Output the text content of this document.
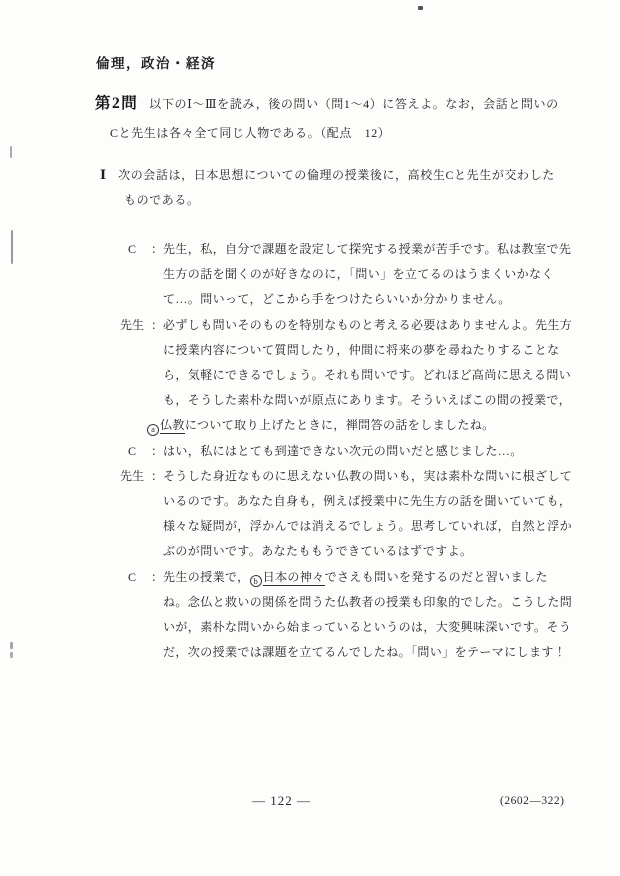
倫理，政治・経済
第2問 以下のⅠ～Ⅲを読み，後の問い（問1～4）に答えよ。なお，会話と問いの
Cと先生は各々全て同じ人物である。（配点　12）
Ⅰ 次の会話は，日本思想についての倫理の授業後に，高校生Cと先生が交わした
ものである。
C	： 先生，私，自分で課題を設定して探究する授業が苦手です。私は教室で先
生方の話を聞くのが好きなのに，「問い」を立てるのはうまくいかなく
て…。問いって，どこから手をつけたらいいか分かりません。
先生 ： 必ずしも問いそのものを特別なものと考える必要はありませんよ。先生方
に授業内容について質問したり，仲間に将来の夢を尋ねたりすることな
ら，気軽にできるでしょう。それも問いです。どれほど高尚に思える問い
も，そうした素朴な問いが原点にあります。そういえばこの間の授業で，
a 仏教について取り上げたときに，禅問答の話をしましたね。
C	： はい，私にはとても到達できない次元の問いだと感じました…。
先生 ： そうした身近なものに思えない仏教の問いも，実は素朴な問いに根ざして
いるのです。あなた自身も，例えば授業中に先生方の話を聞いていても，
様々な疑問が，浮かんでは消えるでしょう。思考していれば，自然と浮か
ぶのが問いです。あなたももうできているはずですよ。
C	： 先生の授業で， b 日本の神々でさえも問いを発するのだと習いました
ね。念仏と救いの関係を問うた仏教者の授業も印象的でした。こうした問
いが，素朴な問いから始まっているというのは，大変興味深いです。そう
だ，次の授業では課題を立てるんでしたね。「問い」をテーマにします！
— 122 —	(2602—322)
